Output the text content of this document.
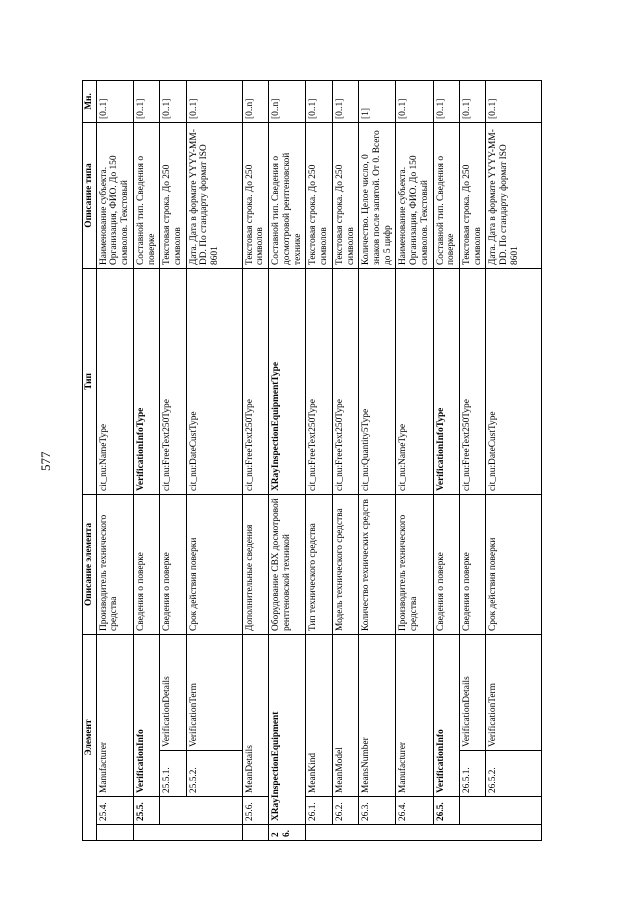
577
Элемент				Описание элемента	Тип	Описание типа	Мн.
	25.4.	Manufacturer		Производитель технического средства	cit_nu:NameType	Наименование субъекта. Организация, ФИО. До 150 символов. Текстовый	[0..1]
	25.5.	VerificationInfo		Сведения о поверке	VerificationInfoType	Составной тип. Сведения о поверке	[0..1]
		25.5.1.	VerificationDetails	Сведения о поверке	cit_nu:FreeText250Type	Текстовая строка. До 250 символов	[0..1]
		25.5.2.	VerificationTerm	Срок действия поверки	cit_nu:DateCustType	Дата. Дата в формате YYYY-MM-DD. По стандарту формат ISO 8601	[0..1]
	25.6.	MeanDetails		Дополнительные сведения	cit_nu:FreeText250Type	Текстовая строка. До 250 символов	[0..n]
26.	XRayInspectionEquipment			Оборудование СВХ досмотровой рентгеновской техникой	XRayInspectionEquipmentType	Составной тип. Сведения о досмотровой рентгеновской технике	[0..n]
	26.1.	MeanKind		Тип технического средства	cit_nu:FreeText250Type	Текстовая строка. До 250 символов	[0..1]
	26.2.	MeanModel		Модель технического средства	cit_nu:FreeText250Type	Текстовая строка. До 250 символов	[0..1]
	26.3.	MeansNumber		Количество технических средств	cit_nu:Quantity5Type	Количество. Целое число, 0 знаков после запятой. От 0. Всего до 5 цифр	[1]
	26.4.	Manufacturer		Производитель технического средства	cit_nu:NameType	Наименование субъекта. Организация, ФИО. До 150 символов. Текстовый	[0..1]
	26.5.	VerificationInfo		Сведения о поверке	VerificationInfoType	Составной тип. Сведения о поверке	[0..1]
		26.5.1.	VerificationDetails	Сведения о поверке	cit_nu:FreeText250Type	Текстовая строка. До 250 символов	[0..1]
		26.5.2.	VerificationTerm	Срок действия поверки	cit_nu:DateCustType	Дата. Дата в формате YYYY-MM-DD. По стандарту формат ISO 8601	[0..1]
